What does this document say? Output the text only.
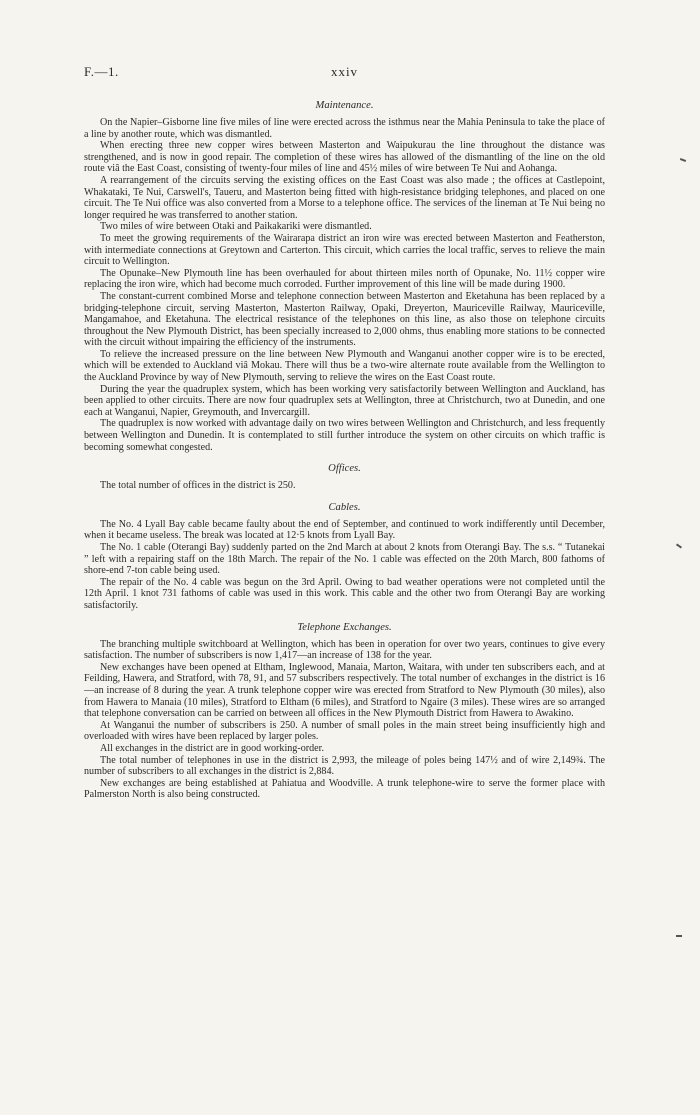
F.—1.	xxiv
Maintenance.

On the Napier–Gisborne line five miles of line were erected across the isthmus near the Mahia Peninsula to take the place of a line by another route, which was dismantled.

When erecting three new copper wires between Masterton and Waipukurau the line throughout the distance was strengthened, and is now in good repair. The completion of these wires has allowed of the dismantling of the line on the old route viâ the East Coast, consisting of twenty-four miles of line and 45½ miles of wire between Te Nui and Aohanga.

A rearrangement of the circuits serving the existing offices on the East Coast was also made ; the offices at Castlepoint, Whakataki, Te Nui, Carswell's, Taueru, and Masterton being fitted with high-resistance bridging telephones, and placed on one circuit. The Te Nui office was also converted from a Morse to a telephone office. The services of the lineman at Te Nui being no longer required he was transferred to another station.

Two miles of wire between Otaki and Paikakariki were dismantled.

To meet the growing requirements of the Wairarapa district an iron wire was erected between Masterton and Featherston, with intermediate connections at Greytown and Carterton. This circuit, which carries the local traffic, serves to relieve the main circuit to Wellington.

The Opunake–New Plymouth line has been overhauled for about thirteen miles north of Opunake, No. 11½ copper wire replacing the iron wire, which had become much corroded. Further improvement of this line will be made during 1900.

The constant-current combined Morse and telephone connection between Masterton and Eketahuna has been replaced by a bridging-telephone circuit, serving Masterton, Masterton Railway, Opaki, Dreyerton, Mauriceville Railway, Mauriceville, Mangamahoe, and Eketahuna. The electrical resistance of the telephones on this line, as also those on telephone circuits throughout the New Plymouth District, has been specially increased to 2,000 ohms, thus enabling more stations to be connected with the circuit without impairing the efficiency of the instruments.

To relieve the increased pressure on the line between New Plymouth and Wanganui another copper wire is to be erected, which will be extended to Auckland viâ Mokau. There will thus be a two-wire alternate route available from the Wellington to the Auckland Province by way of New Plymouth, serving to relieve the wires on the East Coast route.

During the year the quadruplex system, which has been working very satisfactorily between Wellington and Auckland, has been applied to other circuits. There are now four quadruplex sets at Wellington, three at Christchurch, two at Dunedin, and one each at Wanganui, Napier, Greymouth, and Invercargill.

The quadruplex is now worked with advantage daily on two wires between Wellington and Christchurch, and less frequently between Wellington and Dunedin. It is contemplated to still further introduce the system on other circuits on which traffic is becoming somewhat congested.

Offices.

The total number of offices in the district is 250.

Cables.

The No. 4 Lyall Bay cable became faulty about the end of September, and continued to work indifferently until December, when it became useless. The break was located at 12·5 knots from Lyall Bay.

The No. 1 cable (Oterangi Bay) suddenly parted on the 2nd March at about 2 knots from Oterangi Bay. The s.s. “ Tutanekai ” left with a repairing staff on the 18th March. The repair of the No. 1 cable was effected on the 20th March, 800 fathoms of shore-end 7-ton cable being used.

The repair of the No. 4 cable was begun on the 3rd April. Owing to bad weather operations were not completed until the 12th April. 1 knot 731 fathoms of cable was used in this work. This cable and the other two from Oterangi Bay are working satisfactorily.

Telephone Exchanges.

The branching multiple switchboard at Wellington, which has been in operation for over two years, continues to give every satisfaction. The number of subscribers is now 1,417—an increase of 138 for the year.

New exchanges have been opened at Eltham, Inglewood, Manaia, Marton, Waitara, with under ten subscribers each, and at Feilding, Hawera, and Stratford, with 78, 91, and 57 subscribers respectively. The total number of exchanges in the district is 16—an increase of 8 during the year. A trunk telephone copper wire was erected from Stratford to New Plymouth (30 miles), also from Hawera to Manaia (10 miles), Stratford to Eltham (6 miles), and Stratford to Ngaire (3 miles). These wires are so arranged that telephone conversation can be carried on between all offices in the New Plymouth District from Hawera to Awakino.

At Wanganui the number of subscribers is 250. A number of small poles in the main street being insufficiently high and overloaded with wires have been replaced by larger poles.

All exchanges in the district are in good working-order.

The total number of telephones in use in the district is 2,993, the mileage of poles being 147½ and of wire 2,149¾. The number of subscribers to all exchanges in the district is 2,884.

New exchanges are being established at Pahiatua and Woodville. A trunk telephone-wire to serve the former place with Palmerston North is also being constructed.
